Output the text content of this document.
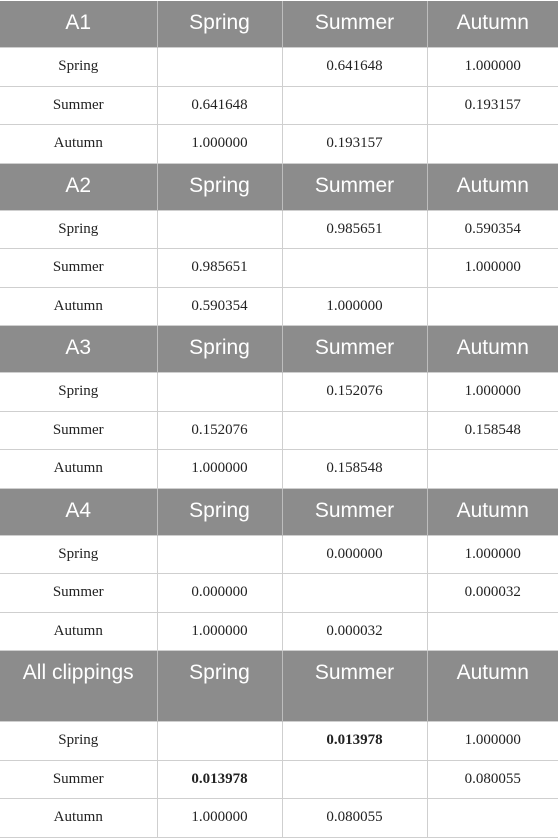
A1	Spring	Summer	Autumn
Spring		0.641648	1.000000
Summer	0.641648		0.193157
Autumn	1.000000	0.193157	
A2	Spring	Summer	Autumn
Spring		0.985651	0.590354
Summer	0.985651		1.000000
Autumn	0.590354	1.000000	
A3	Spring	Summer	Autumn
Spring		0.152076	1.000000
Summer	0.152076		0.158548
Autumn	1.000000	0.158548	
A4	Spring	Summer	Autumn
Spring		0.000000	1.000000
Summer	0.000000		0.000032
Autumn	1.000000	0.000032	
All clippings	Spring	Summer	Autumn
Spring		0.013978	1.000000
Summer	0.013978		0.080055
Autumn	1.000000	0.080055	
